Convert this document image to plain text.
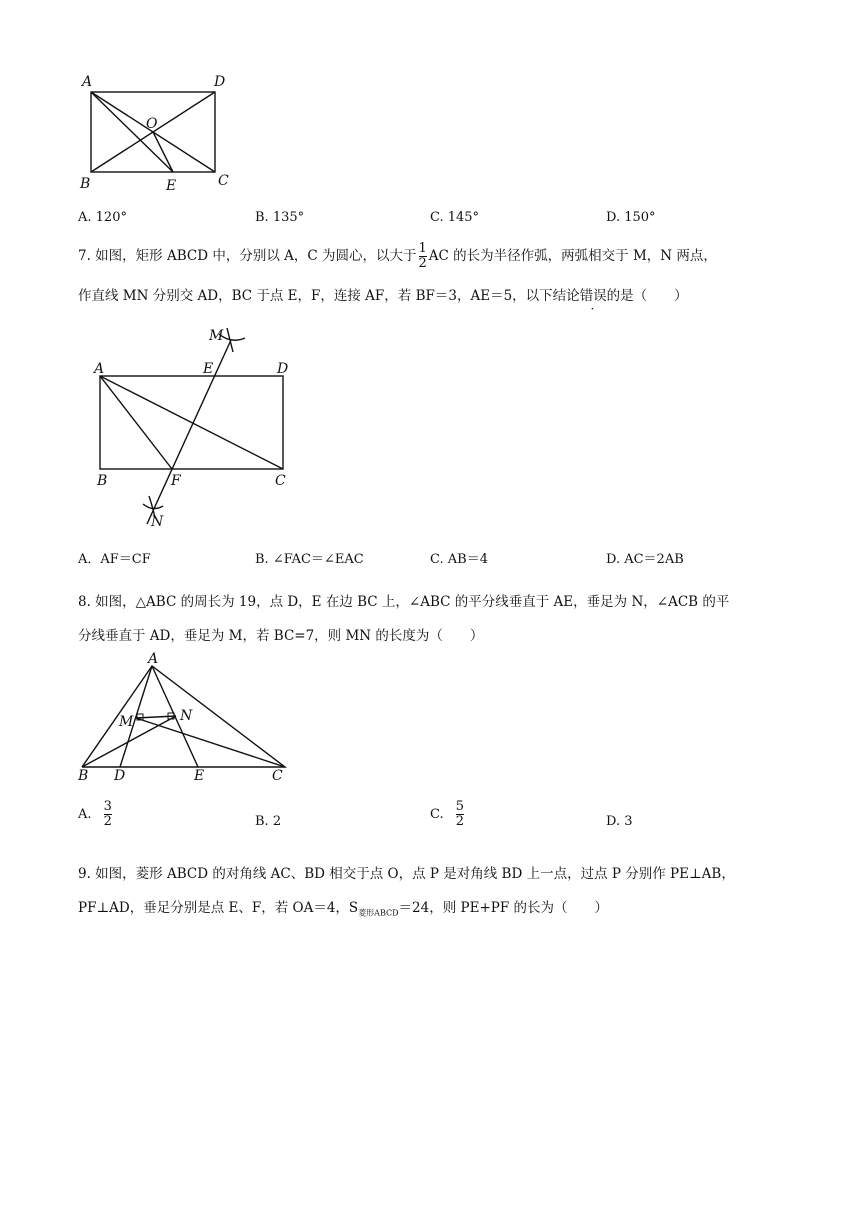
A	D
O
B	E	C
A. 120°	B. 135°	C. 145°	D. 150°
7. 如图，矩形 ABCD 中，分别以 A，C 为圆心，以大于 $\frac{1}{2}$ AC 的长为半径作弧，两弧相交于 M，N 两点，
作直线 MN 分别交 AD，BC 于点 E，F，连接 AF，若 BF＝3，AE＝5，以下结论错误的是（　　）
M
A	E	D
B	F	C
N
A．AF＝CF	B. ∠FAC＝∠EAC	C. AB＝4	D. AC＝2AB
8. 如图，△ABC 的周长为 19，点 D，E 在边 BC 上，∠ABC 的平分线垂直于 AE，垂足为 N，∠ACB 的平
分线垂直于 AD，垂足为 M，若 BC=7，则 MN 的长度为（　　）
A
M	N
B D	E	C
A. $\frac{3}{2}$	B. 2	C. $\frac{5}{2}$	D. 3
9. 如图，菱形 ABCD 的对角线 AC、BD 相交于点 O，点 P 是对角线 BD 上一点，过点 P 分别作 PE⊥AB，
PF⊥AD，垂足分别是点 E、F，若 OA＝4，$S_{菱形ABCD}=24$，则 PE+PF 的长为（　　）
